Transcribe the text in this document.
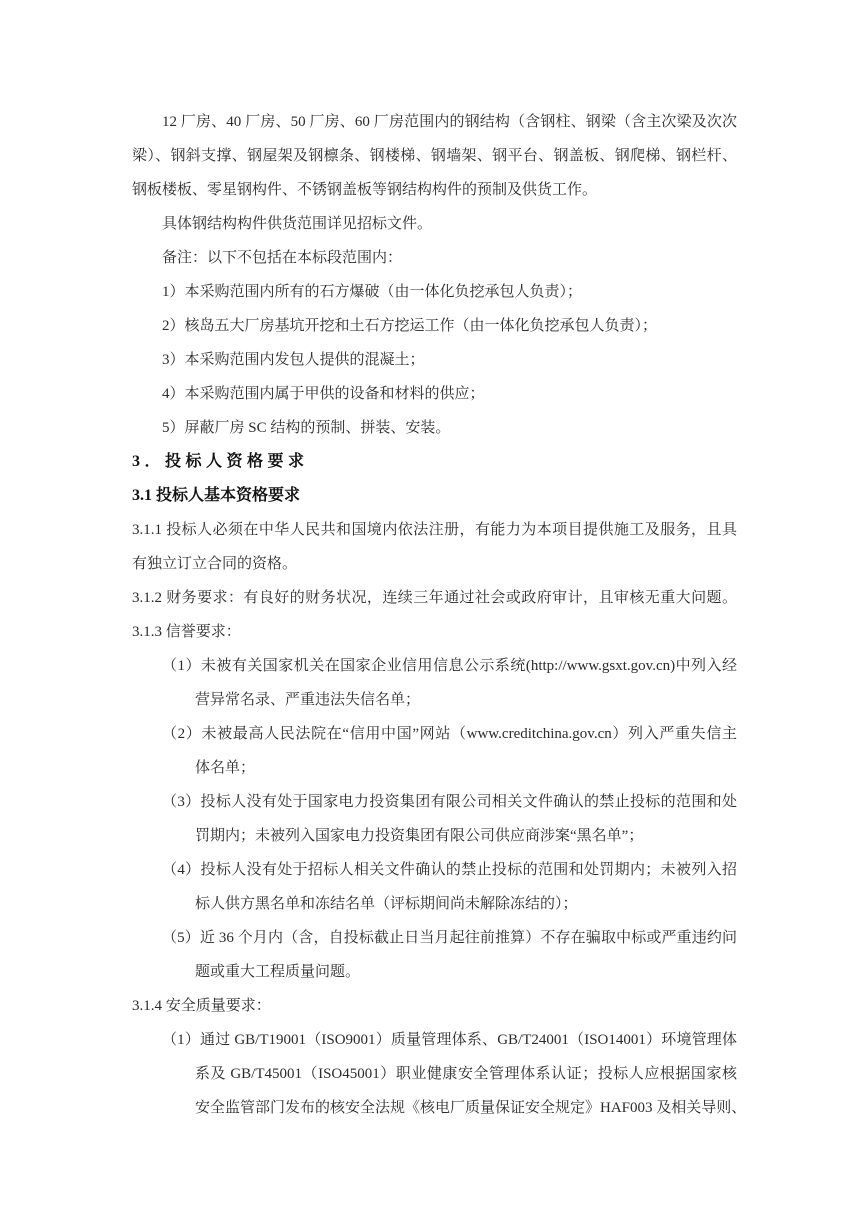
12 厂房、40 厂房、50 厂房、60 厂房范围内的钢结构（含钢柱、钢梁（含主次梁及次次
梁）、钢斜支撑、钢屋架及钢檩条、钢楼梯、钢墙架、钢平台、钢盖板、钢爬梯、钢栏杆、
钢板楼板、零星钢构件、不锈钢盖板等钢结构构件的预制及供货工作。
具体钢结构构件供货范围详见招标文件。
备注：以下不包括在本标段范围内：
1）本采购范围内所有的石方爆破（由一体化负挖承包人负责）；
2）核岛五大厂房基坑开挖和土石方挖运工作（由一体化负挖承包人负责）；
3）本采购范围内发包人提供的混凝土；
4）本采购范围内属于甲供的设备和材料的供应；
5）屏蔽厂房 SC 结构的预制、拼装、安装。
3．投标人资格要求
3.1 投标人基本资格要求
3.1.1 投标人必须在中华人民共和国境内依法注册，有能力为本项目提供施工及服务，且具
有独立订立合同的资格。
3.1.2 财务要求：有良好的财务状况，连续三年通过社会或政府审计，且审核无重大问题。
3.1.3 信誉要求：
（1）未被有关国家机关在国家企业信用信息公示系统(http://www.gsxt.gov.cn)中列入经
营异常名录、严重违法失信名单；
（2）未被最高人民法院在“信用中国”网站（www.creditchina.gov.cn）列入严重失信主
体名单；
（3）投标人没有处于国家电力投资集团有限公司相关文件确认的禁止投标的范围和处
罚期内；未被列入国家电力投资集团有限公司供应商涉案“黑名单”；
（4）投标人没有处于招标人相关文件确认的禁止投标的范围和处罚期内；未被列入招
标人供方黑名单和冻结名单（评标期间尚未解除冻结的）；
（5）近 36 个月内（含，自投标截止日当月起往前推算）不存在骗取中标或严重违约问
题或重大工程质量问题。
3.1.4 安全质量要求：
（1）通过 GB/T19001（ISO9001）质量管理体系、GB/T24001（ISO14001）环境管理体
系及 GB/T45001（ISO45001）职业健康安全管理体系认证；投标人应根据国家核
安全监管部门发布的核安全法规《核电厂质量保证安全规定》HAF003 及相关导则、
